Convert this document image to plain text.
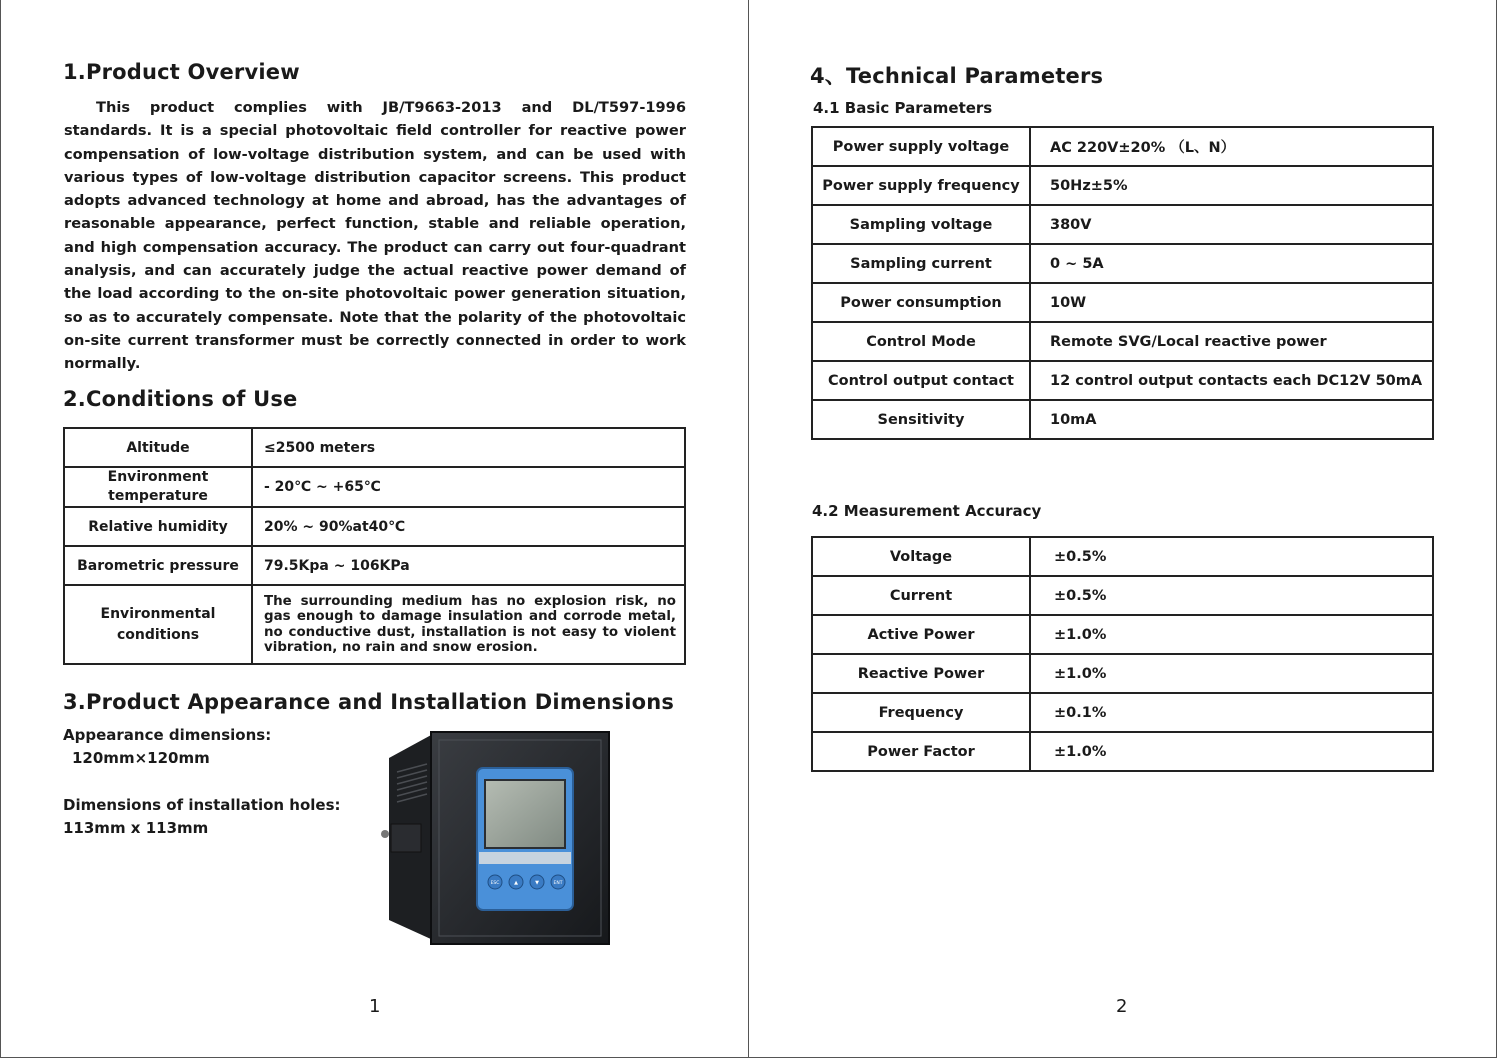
1.Product Overview

This product complies with JB/T9663-2013 and DL/T597-1996 standards. It is a special photovoltaic field controller for reactive power compensation of low-voltage distribution system, and can be used with various types of low-voltage distribution capacitor screens. This product adopts advanced technology at home and abroad, has the advantages of reasonable appearance, perfect function, stable and reliable operation, and high compensation accuracy. The product can carry out four-quadrant analysis, and can accurately judge the actual reactive power demand of the load according to the on-site photovoltaic power generation situation, so as to accurately compensate. Note that the polarity of the photovoltaic on-site current transformer must be correctly connected in order to work normally.

2.Conditions of Use
Altitude	≤2500 meters
Environment temperature	- 20℃ ~ +65℃
Relative humidity	20% ~ 90%at40℃
Barometric pressure	79.5Kpa ~ 106KPa
Environmental conditions	The surrounding medium has no explosion risk, no gas enough to damage insulation and corrode metal, no conductive dust, installation is not easy to violent vibration, no rain and snow erosion.
3.Product Appearance and Installation Dimensions
Appearance dimensions:
120mm×120mm
Dimensions of installation holes:
113mm x 113mm
ESC	▲	▼	ENT
1
4、Technical Parameters
4.1 Basic Parameters
2
Power supply voltage	AC 220V±20% （L、N）
Power supply frequency	50Hz±5%
Sampling voltage	380V
Sampling current	0 ~ 5A
Power consumption	10W
Control Mode	Remote SVG/Local reactive power
Control output contact	12 control output contacts each DC12V 50mA
Sensitivity	10mA
4.2 Measurement Accuracy
Voltage	±0.5%
Current	±0.5%
Active Power	±1.0%
Reactive Power	±1.0%
Frequency	±0.1%
Power Factor	±1.0%
